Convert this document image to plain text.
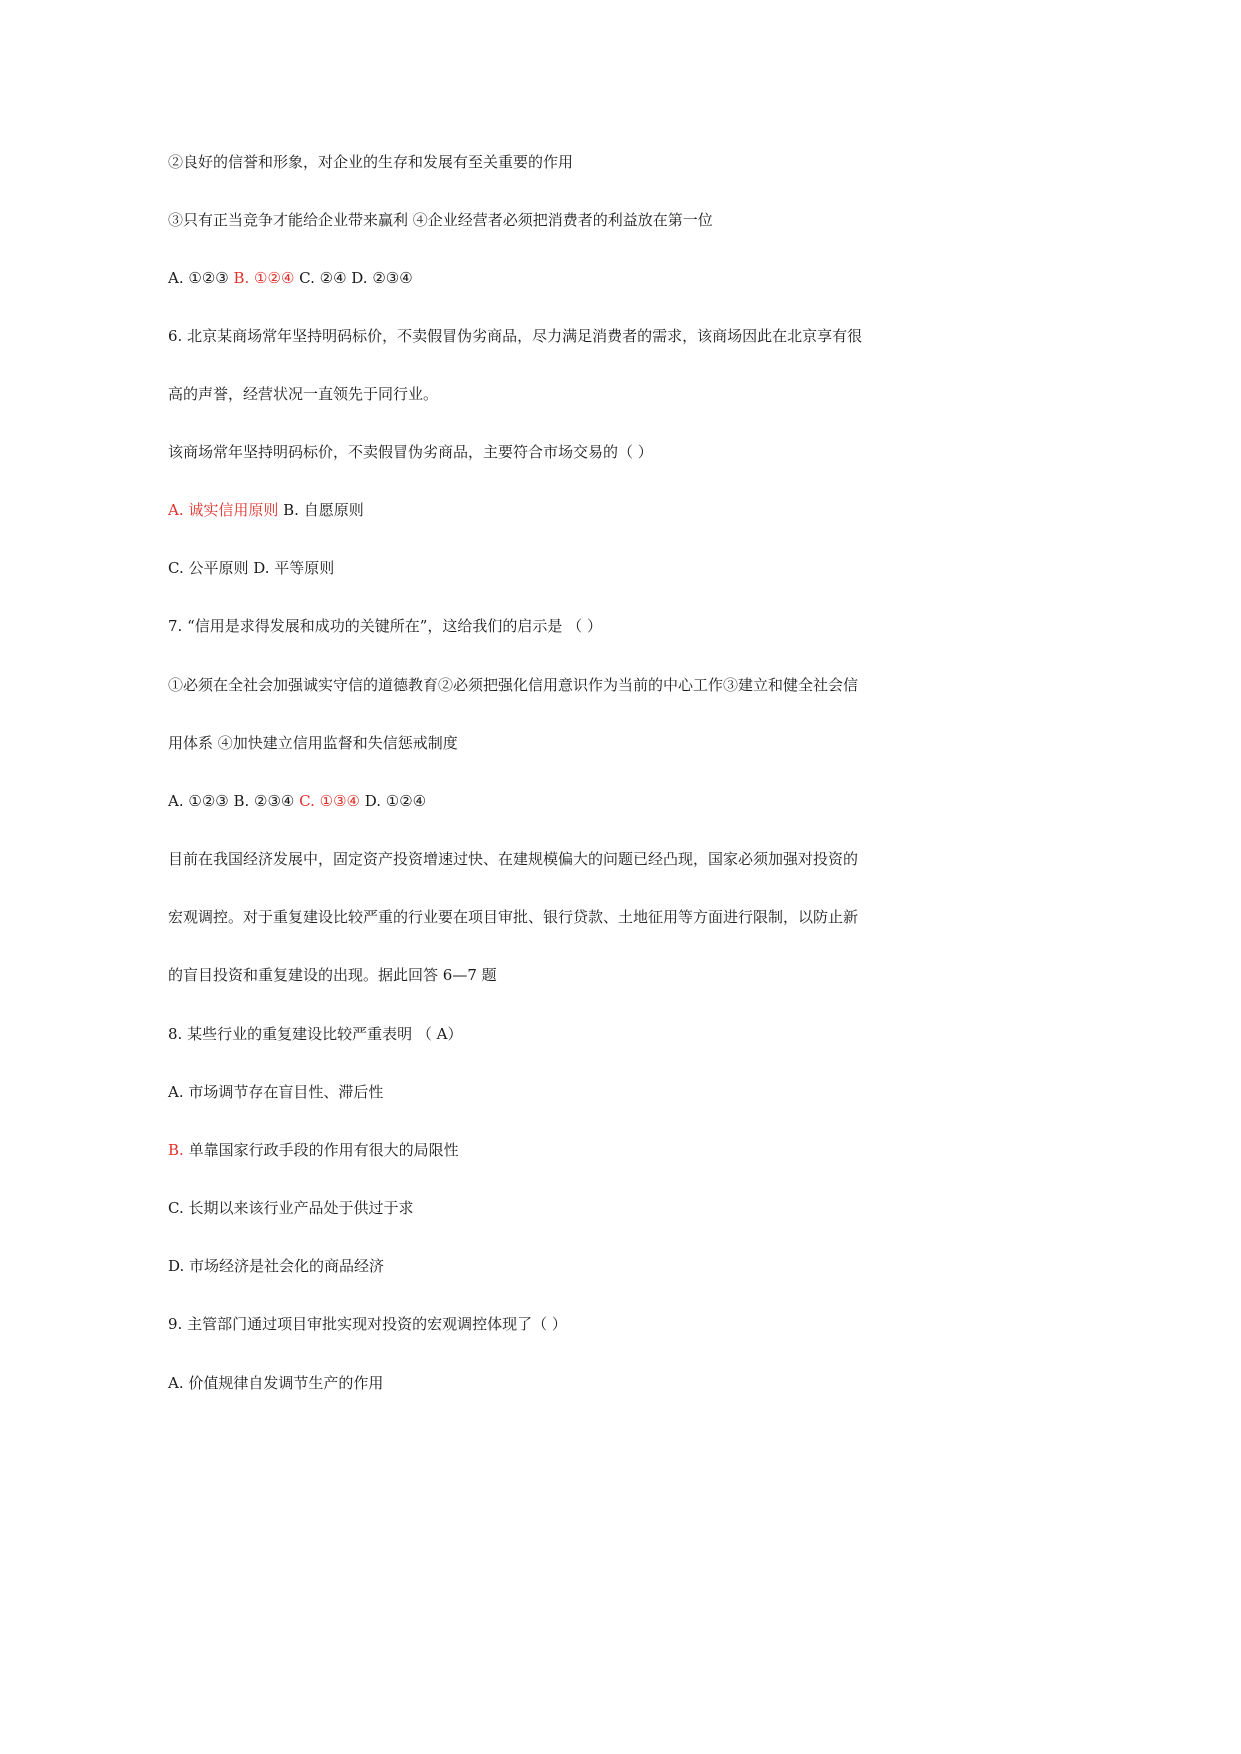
②良好的信誉和形象，对企业的生存和发展有至关重要的作用
③只有正当竞争才能给企业带来赢利 ④企业经营者必须把消费者的利益放在第一位
A. ①②③ B. ①②④ C. ②④ D. ②③④
6. 北京某商场常年坚持明码标价，不卖假冒伪劣商品，尽力满足消费者的需求，该商场因此在北京享有很
高的声誉，经营状况一直领先于同行业。
该商场常年坚持明码标价，不卖假冒伪劣商品，主要符合市场交易的（ ）
A. 诚实信用原则 B. 自愿原则
C. 公平原则 D. 平等原则
7. “信用是求得发展和成功的关键所在”，这给我们的启示是 （ ）
①必须在全社会加强诚实守信的道德教育②必须把强化信用意识作为当前的中心工作③建立和健全社会信
用体系 ④加快建立信用监督和失信惩戒制度
A. ①②③ B. ②③④ C. ①③④ D. ①②④
目前在我国经济发展中，固定资产投资增速过快、在建规模偏大的问题已经凸现，国家必须加强对投资的
宏观调控。对于重复建设比较严重的行业要在项目审批、银行贷款、土地征用等方面进行限制，以防止新
的盲目投资和重复建设的出现。据此回答 6—7 题
8. 某些行业的重复建设比较严重表明 （ A）
A. 市场调节存在盲目性、滞后性
B. 单靠国家行政手段的作用有很大的局限性
C. 长期以来该行业产品处于供过于求
D. 市场经济是社会化的商品经济
9. 主管部门通过项目审批实现对投资的宏观调控体现了（ ）
A. 价值规律自发调节生产的作用
